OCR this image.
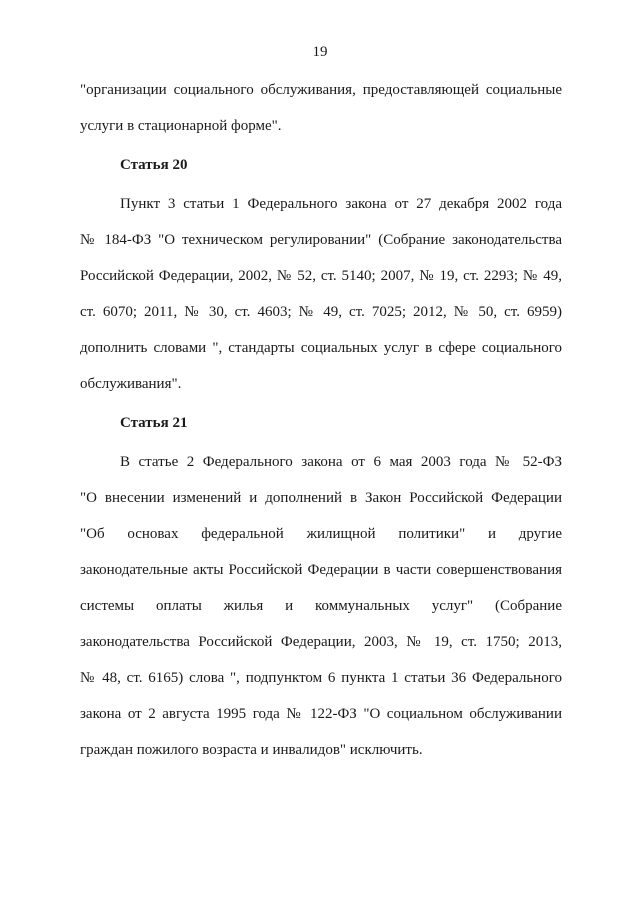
19
"организации социального обслуживания, предоставляющей социальные
услуги в стационарной форме".
Статья 20
Пункт 3 статьи 1 Федерального закона от 27 декабря 2002 года
№ 184-ФЗ "О техническом регулировании" (Собрание законодательства
Российской Федерации, 2002, № 52, ст. 5140; 2007, № 19, ст. 2293; № 49,
ст. 6070; 2011, № 30, ст. 4603; № 49, ст. 7025; 2012, № 50, ст. 6959)
дополнить словами ", стандарты социальных услуг в сфере социального
обслуживания".
Статья 21
В статье 2 Федерального закона от 6 мая 2003 года № 52-ФЗ
"О внесении изменений и дополнений в Закон Российской Федерации
"Об основах федеральной жилищной политики" и другие
законодательные акты Российской Федерации в части совершенствования
системы оплаты жилья и коммунальных услуг" (Собрание
законодательства Российской Федерации, 2003, № 19, ст. 1750; 2013,
№ 48, ст. 6165) слова ", подпунктом 6 пункта 1 статьи 36 Федерального
закона от 2 августа 1995 года № 122-ФЗ "О социальном обслуживании
граждан пожилого возраста и инвалидов" исключить.
